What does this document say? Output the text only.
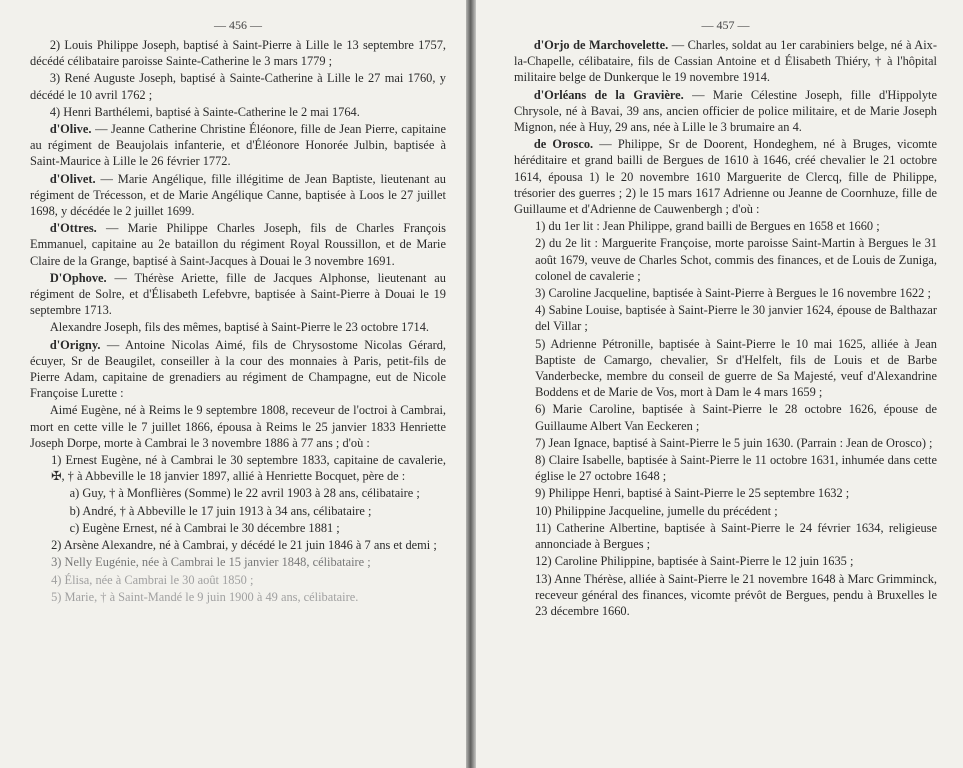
— 456 —

2) Louis Philippe Joseph, baptisé à Saint-Pierre à Lille le 13 septembre 1757, décédé célibataire paroisse Sainte-Catherine le 3 mars 1779 ;

3) René Auguste Joseph, baptisé à Sainte-Catherine à Lille le 27 mai 1760, y décédé le 10 avril 1762 ;

4) Henri Barthélemi, baptisé à Sainte-Catherine le 2 mai 1764.

d'Olive. — Jeanne Catherine Christine Éléonore, fille de Jean Pierre, capitaine au régiment de Beaujolais infanterie, et d'Éléonore Honorée Julbin, baptisée à Saint-Maurice à Lille le 26 février 1772.

d'Olivet. — Marie Angélique, fille illégitime de Jean Baptiste, lieutenant au régiment de Trécesson, et de Marie Angélique Canne, baptisée à Loos le 27 juillet 1698, y décédée le 2 juillet 1699.

d'Ottres. — Marie Philippe Charles Joseph, fils de Charles François Emmanuel, capitaine au 2e bataillon du régiment Royal Roussillon, et de Marie Claire de la Grange, baptisé à Saint-Jacques à Douai le 3 novembre 1691.

D'Ophove. — Thérèse Ariette, fille de Jacques Alphonse, lieutenant au régiment de Solre, et d'Élisabeth Lefebvre, baptisée à Saint-Pierre à Douai le 19 septembre 1713.

Alexandre Joseph, fils des mêmes, baptisé à Saint-Pierre le 23 octobre 1714.

d'Origny. — Antoine Nicolas Aimé, fils de Chrysostome Nicolas Gérard, écuyer, Sr de Beaugilet, conseiller à la cour des monnaies à Paris, petit-fils de Pierre Adam, capitaine de grenadiers au régiment de Champagne, eut de Nicole Françoise Lurette :

Aimé Eugène, né à Reims le 9 septembre 1808, receveur de l'octroi à Cambrai, mort en cette ville le 7 juillet 1866, épousa à Reims le 25 janvier 1833 Henriette Joseph Dorpe, morte à Cambrai le 3 novembre 1886 à 77 ans ; d'où :

1) Ernest Eugène, né à Cambrai le 30 septembre 1833, capitaine de cavalerie, ✠, † à Abbeville le 18 janvier 1897, allié à Henriette Bocquet, père de :

a) Guy, † à Monflières (Somme) le 22 avril 1903 à 28 ans, célibataire ;

b) André, † à Abbeville le 17 juin 1913 à 34 ans, célibataire ;

c) Eugène Ernest, né à Cambrai le 30 décembre 1881 ;

2) Arsène Alexandre, né à Cambrai, y décédé le 21 juin 1846 à 7 ans et demi ;

3) Nelly Eugénie, née à Cambrai le 15 janvier 1848, célibataire ;

4) Élisa, née à Cambrai le 30 août 1850 ;

5) Marie, † à Saint-Mandé le 9 juin 1900 à 49 ans, célibataire.

— 457 —

d'Orjo de Marchovelette. — Charles, soldat au 1er carabiniers belge, né à Aix-la-Chapelle, célibataire, fils de Cassian Antoine et d Élisabeth Thiéry, † à l'hôpital militaire belge de Dunkerque le 19 novembre 1914.

d'Orléans de la Gravière. — Marie Célestine Joseph, fille d'Hippolyte Chrysole, né à Bavai, 39 ans, ancien officier de police militaire, et de Marie Joseph Mignon, née à Huy, 29 ans, née à Lille le 3 brumaire an 4.

de Orosco. — Philippe, Sr de Doorent, Hondeghem, né à Bruges, vicomte héréditaire et grand bailli de Bergues de 1610 à 1646, créé chevalier le 21 octobre 1614, épousa 1) le 20 novembre 1610 Marguerite de Clercq, fille de Philippe, trésorier des guerres ; 2) le 15 mars 1617 Adrienne ou Jeanne de Coornhuze, fille de Guillaume et d'Adrienne de Cauwenbergh ; d'où :

1) du 1er lit : Jean Philippe, grand bailli de Bergues en 1658 et 1660 ;

2) du 2e lit : Marguerite Françoise, morte paroisse Saint-Martin à Bergues le 31 août 1679, veuve de Charles Schot, commis des finances, et de Louis de Zuniga, colonel de cavalerie ;

3) Caroline Jacqueline, baptisée à Saint-Pierre à Bergues le 16 novembre 1622 ;

4) Sabine Louise, baptisée à Saint-Pierre le 30 janvier 1624, épouse de Balthazar del Villar ;

5) Adrienne Pétronille, baptisée à Saint-Pierre le 10 mai 1625, alliée à Jean Baptiste de Camargo, chevalier, Sr d'Helfelt, fils de Louis et de Barbe Vanderbecke, membre du conseil de guerre de Sa Majesté, veuf d'Alexandrine Boddens et de Marie de Vos, mort à Dam le 4 mars 1659 ;

6) Marie Caroline, baptisée à Saint-Pierre le 28 octobre 1626, épouse de Guillaume Albert Van Eeckeren ;

7) Jean Ignace, baptisé à Saint-Pierre le 5 juin 1630. (Parrain : Jean de Orosco) ;

8) Claire Isabelle, baptisée à Saint-Pierre le 11 octobre 1631, inhumée dans cette église le 27 octobre 1648 ;

9) Philippe Henri, baptisé à Saint-Pierre le 25 septembre 1632 ;

10) Philippine Jacqueline, jumelle du précédent ;

11) Catherine Albertine, baptisée à Saint-Pierre le 24 février 1634, religieuse annonciade à Bergues ;

12) Caroline Philippine, baptisée à Saint-Pierre le 12 juin 1635 ;

13) Anne Thérèse, alliée à Saint-Pierre le 21 novembre 1648 à Marc Grimminck, receveur général des finances, vicomte prévôt de Bergues, pendu à Bruxelles le 23 décembre 1660.
